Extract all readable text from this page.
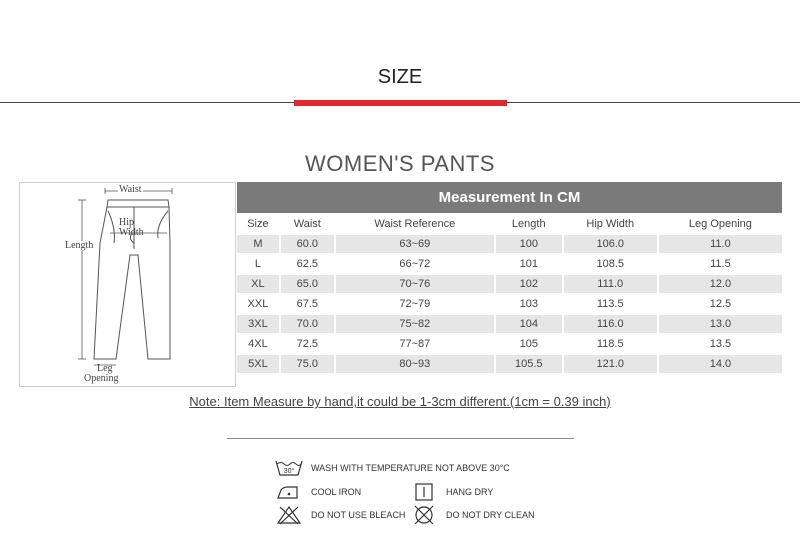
SIZE
WOMEN'S PANTS
Waist
Hip
Width
Length
Leg
Opening
Measurement In CM
Size	Waist	Waist Reference	Length	Hip Width	Leg Opening
M	60.0	63~69	100	106.0	11.0
L	62.5	66~72	101	108.5	11.5
XL	65.0	70~76	102	111.0	12.0
XXL	67.5	72~79	103	113.5	12.5
3XL	70.0	75~82	104	116.0	13.0
4XL	72.5	77~87	105	118.5	13.5
5XL	75.0	80~93	105.5	121.0	14.0
Note: Item Measure by hand,it could be 1-3cm different.(1cm = 0.39 inch)
30° WASH WITH TEMPERATURE NOT ABOVE 30°C
COOL IRON	HANG DRY
DO NOT USE BLEACH	DO NOT DRY CLEAN
